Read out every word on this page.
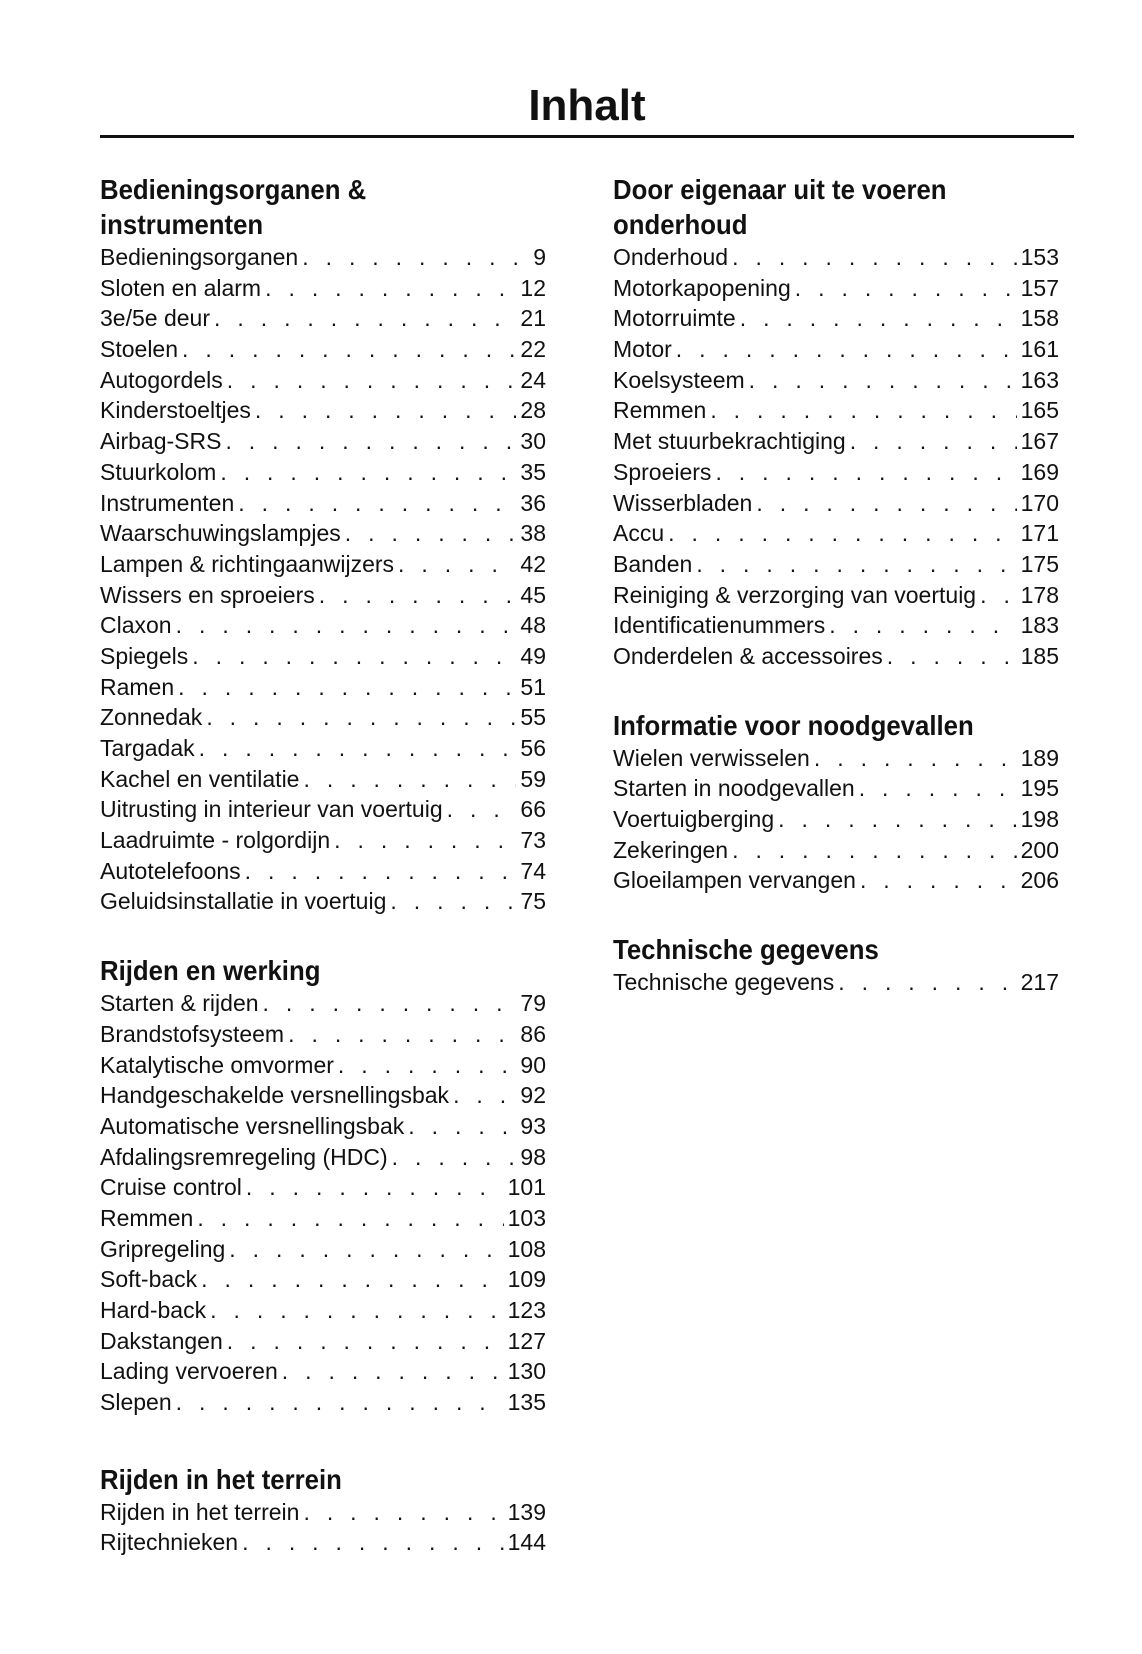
Inhalt
Bedieningsorganen & instrumenten
Bedieningsorganen . . .	9
Sloten en alarm . . .	12
3e/5e deur . . .	21
Stoelen . . .	22
Autogordels . . .	24
Kinderstoeltjes . . .	28
Airbag-SRS . . .	30
Stuurkolom . . .	35
Instrumenten . . .	36
Waarschuwingslampjes . . .	38
Lampen & richtingaanwijzers . . .	42
Wissers en sproeiers . . .	45
Claxon . . .	48
Spiegels . . .	49
Ramen . . .	51
Zonnedak . . .	55
Targadak . . .	56
Kachel en ventilatie . . .	59
Uitrusting in interieur van voertuig . . .	66
Laadruimte - rolgordijn . . .	73
Autotelefoons . . .	74
Geluidsinstallatie in voertuig . . .	75
Rijden en werking
Starten & rijden . . .	79
Brandstofsysteem . . .	86
Katalytische omvormer . . .	90
Handgeschakelde versnellingsbak . . .	92
Automatische versnellingsbak . . .	93
Afdalingsremregeling (HDC) . . .	98
Cruise control . . .	101
Remmen . . .	103
Gripregeling . . .	108
Soft-back . . .	109
Hard-back . . .	123
Dakstangen . . .	127
Lading vervoeren . . .	130
Slepen . . .	135
Rijden in het terrein
Rijden in het terrein . . .	139
Rijtechnieken . . .	144
Door eigenaar uit te voeren onderhoud
Onderhoud . . .	153
Motorkapopening . . .	157
Motorruimte . . .	158
Motor . . .	161
Koelsysteem . . .	163
Remmen . . .	165
Met stuurbekrachtiging . . .	167
Sproeiers . . .	169
Wisserbladen . . .	170
Accu . . .	171
Banden . . .	175
Reiniging & verzorging van voertuig . . . 178
Identificatienummers . . .	183
Onderdelen & accessoires . . .	185
Informatie voor noodgevallen
Wielen verwisselen . . .	189
Starten in noodgevallen . . .	195
Voertuigberging . . .	198
Zekeringen . . .	200
Gloeilampen vervangen . . .	206
Technische gegevens
Technische gegevens . . .	217
